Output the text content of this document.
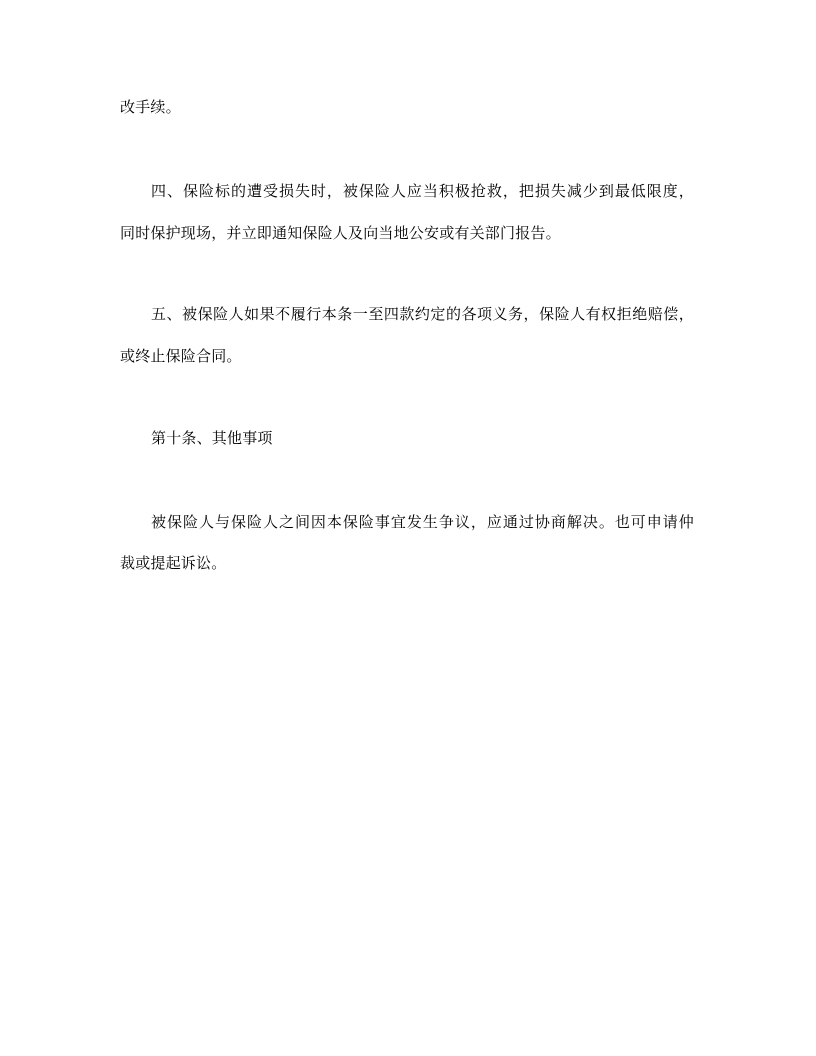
改手续。
四、保险标的遭受损失时，被保险人应当积极抢救，把损失减少到最低限度，
同时保护现场，并立即通知保险人及向当地公安或有关部门报告。
五、被保险人如果不履行本条一至四款约定的各项义务，保险人有权拒绝赔偿，
或终止保险合同。
第十条、其他事项
被保险人与保险人之间因本保险事宜发生争议，应通过协商解决。也可申请仲
裁或提起诉讼。
